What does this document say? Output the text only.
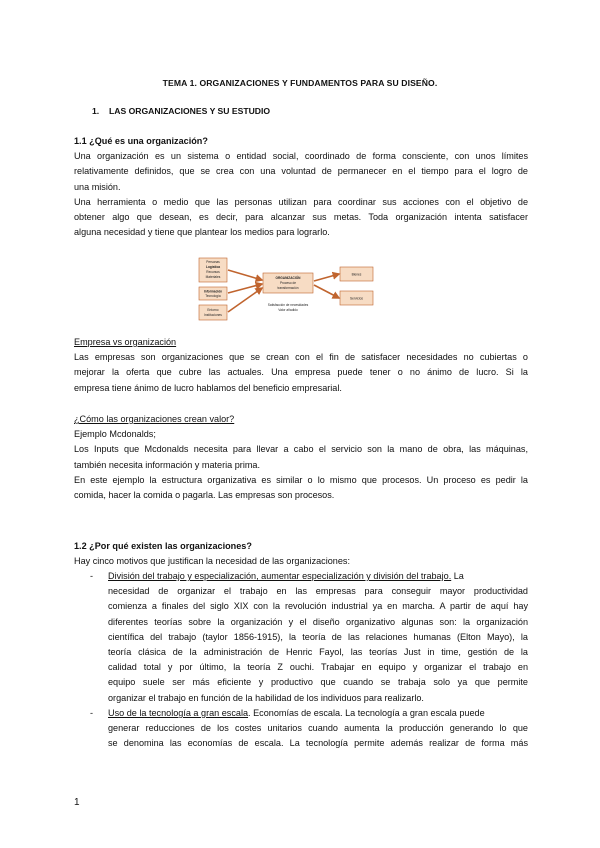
TEMA 1. ORGANIZACIONES Y FUNDAMENTOS PARA SU DISEÑO.
1. LAS ORGANIZACIONES Y SU ESTUDIO
1.1 ¿Qué es una organización?
Una organización es un sistema o entidad social, coordinado de forma consciente, con unos límites
relativamente definidos, que se crea con una voluntad de permanecer en el tiempo para el logro de
una misión.
Una herramienta o medio que las personas utilizan para coordinar sus acciones con el objetivo de
obtener algo que desean, es decir, para alcanzar sus metas. Toda organización intenta satisfacer
alguna necesidad y tiene que plantear los medios para lograrlo.
Personas
Logística
Recursos
Materiales
Información
Tecnología
Entorno
Instituciones
ORGANIZACIÓN
Proceso de
transformación
Bienes
Servicios
Satisfacción de necesidades
Valor añadido
Empresa vs organización
Las empresas son organizaciones que se crean con el fin de satisfacer necesidades no cubiertas o
mejorar la oferta que cubre las actuales. Una empresa puede tener o no ánimo de lucro. Si la
empresa tiene ánimo de lucro hablamos del beneficio empresarial.
¿Cómo las organizaciones crean valor?
Ejemplo Mcdonalds;
Los Inputs que Mcdonalds necesita para llevar a cabo el servicio son la mano de obra, las máquinas,
también necesita información y materia prima.
En este ejemplo la estructura organizativa es similar o lo mismo que procesos. Un proceso es pedir la
comida, hacer la comida o pagarla. Las empresas son procesos.
1.2 ¿Por qué existen las organizaciones?
Hay cinco motivos que justifican la necesidad de las organizaciones:
- División del trabajo y especialización, aumentar especialización y división del trabajo. La
necesidad de organizar el trabajo en las empresas para conseguir mayor productividad
comienza a finales del siglo XIX con la revolución industrial ya en marcha. A partir de aquí hay
diferentes teorías sobre la organización y el diseño organizativo algunas son: la organización
científica del trabajo (taylor 1856-1915), la teoría de las relaciones humanas (Elton Mayo), la
teoría clásica de la administración de Henric Fayol, las teorías Just in time, gestión de la
calidad total y por último, la teoría Z ouchi. Trabajar en equipo y organizar el trabajo en
equipo suele ser más eficiente y productivo que cuando se trabaja solo ya que permite
organizar el trabajo en función de la habilidad de los individuos para realizarlo.
- Uso de la tecnología a gran escala. Economías de escala. La tecnología a gran escala puede
generar reducciones de los costes unitarios cuando aumenta la producción generando lo que
se denomina las economías de escala. La tecnología permite además realizar de forma más
1
